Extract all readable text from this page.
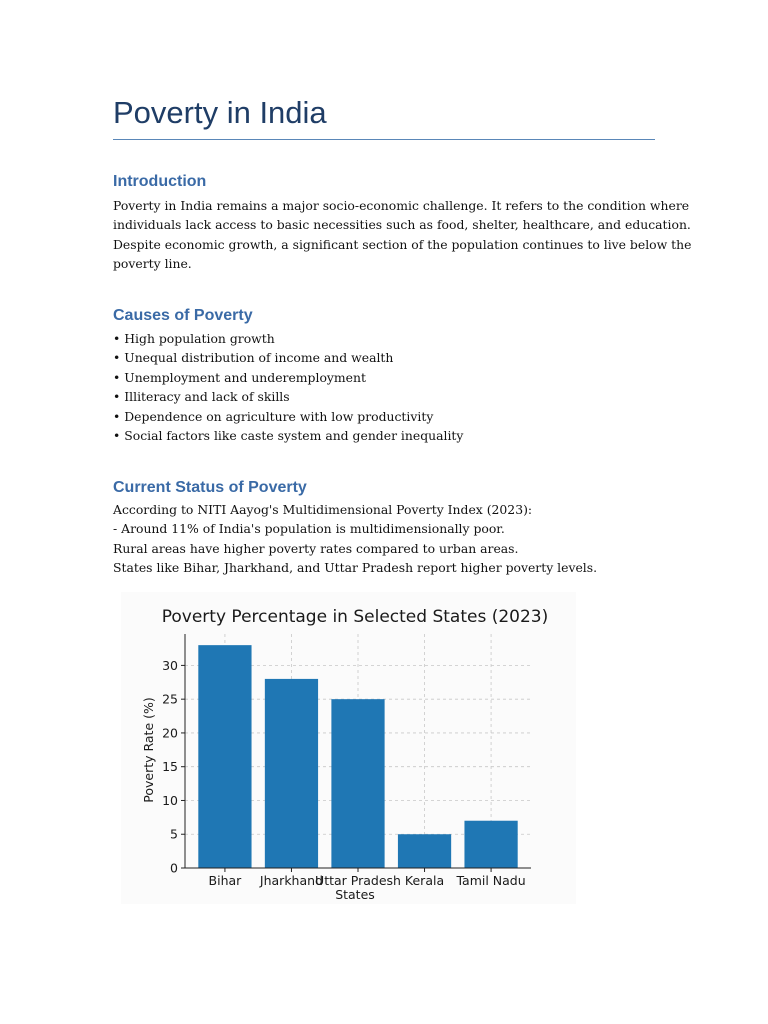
Poverty in India
Introduction
Poverty in India remains a major socio-economic challenge. It refers to the condition where
individuals lack access to basic necessities such as food, shelter, healthcare, and education.
Despite economic growth, a significant section of the population continues to live below the
poverty line.
Causes of Poverty
• High population growth
• Unequal distribution of income and wealth
• Unemployment and underemployment
• Illiteracy and lack of skills
• Dependence on agriculture with low productivity
• Social factors like caste system and gender inequality
Current Status of Poverty
According to NITI Aayog's Multidimensional Poverty Index (2023):
- Around 11% of India's population is multidimensionally poor.
Rural areas have higher poverty rates compared to urban areas.
States like Bihar, Jharkhand, and Uttar Pradesh report higher poverty levels.
Poverty Percentage in Selected States (2023)
States
Poverty Rate (%)
0
5
10
15
20
25
30
Bihar Jharkhand
Uttar Pradesh Kerala Tamil Nadu
